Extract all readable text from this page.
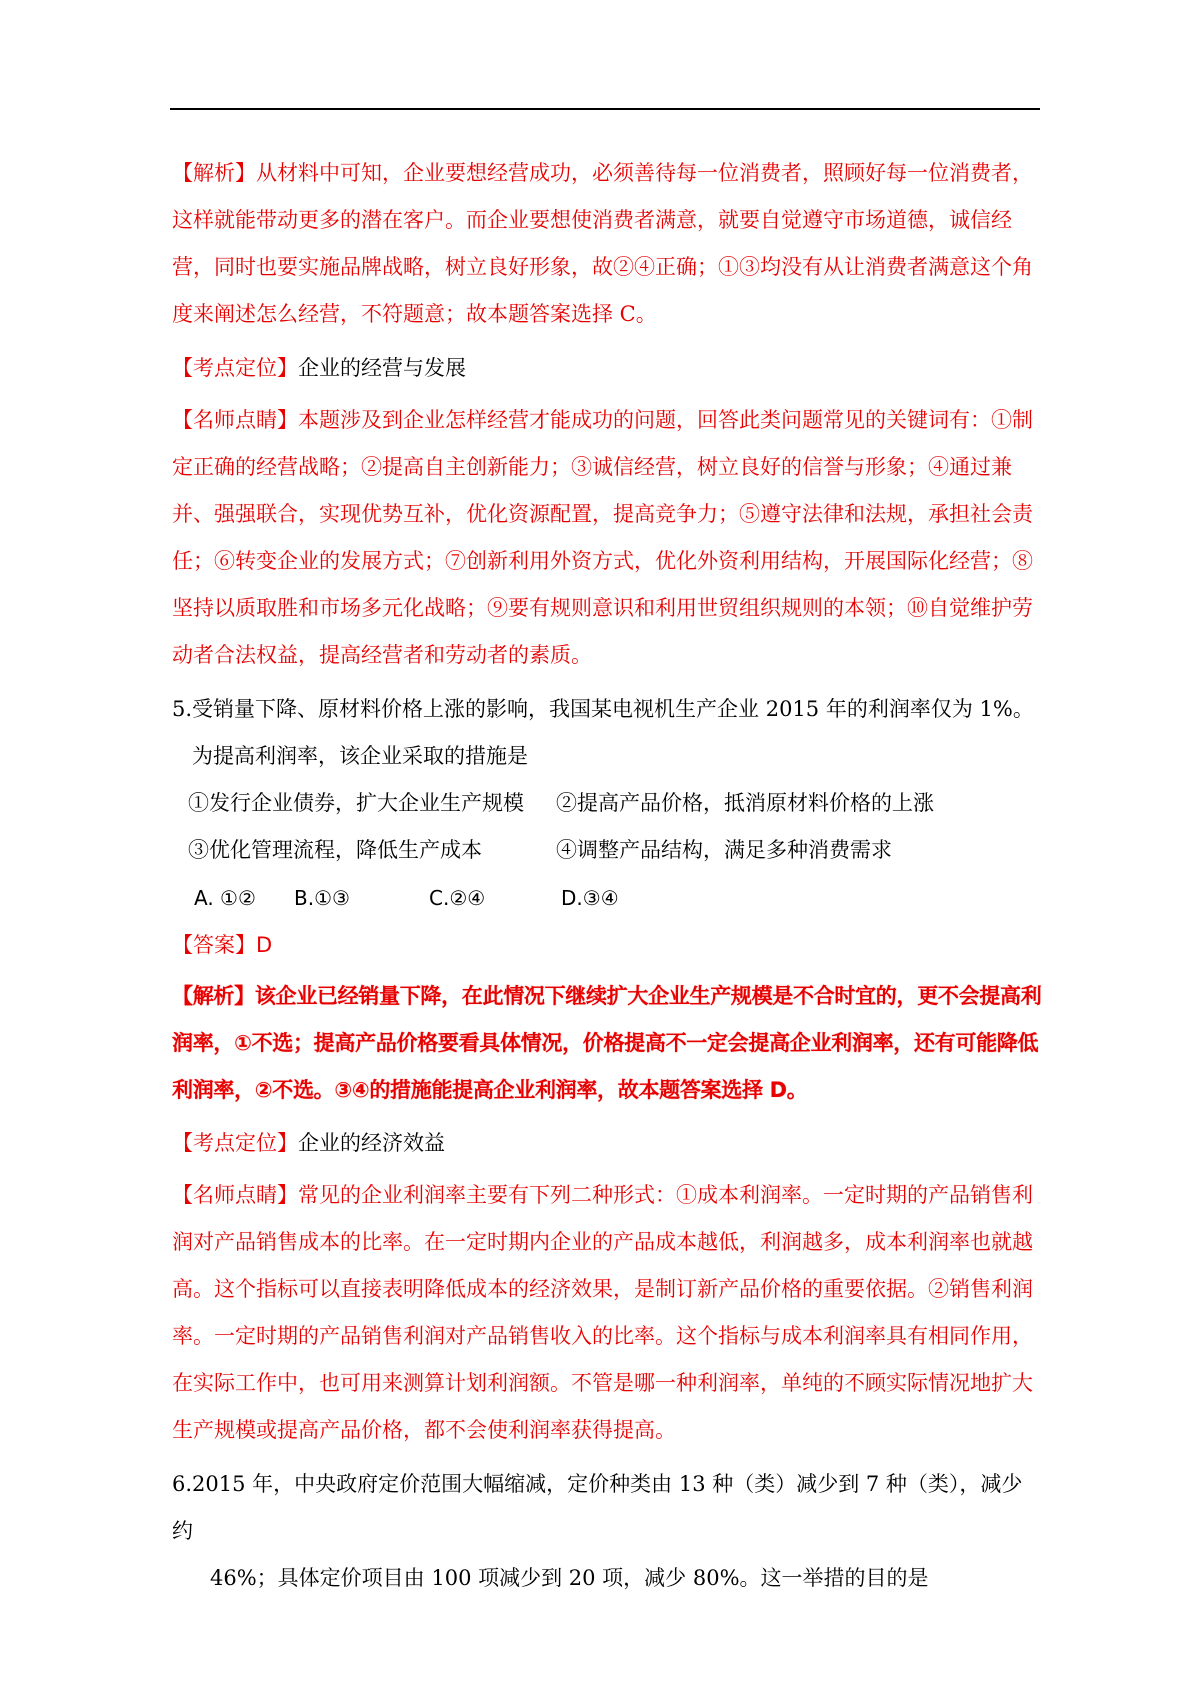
【解析】从材料中可知，企业要想经营成功，必须善待每一位消费者，照顾好每一位消费者，这样就能带动更多的潜在客户。而企业要想使消费者满意，就要自觉遵守市场道德，诚信经营，同时也要实施品牌战略，树立良好形象，故②④正确；①③均没有从让消费者满意这个角度来阐述怎么经营，不符题意；故本题答案选择 C。

【考点定位】企业的经营与发展

【名师点睛】本题涉及到企业怎样经营才能成功的问题，回答此类问题常见的关键词有：①制定正确的经营战略；②提高自主创新能力；③诚信经营，树立良好的信誉与形象；④通过兼并、强强联合，实现优势互补，优化资源配置，提高竞争力；⑤遵守法律和法规，承担社会责任；⑥转变企业的发展方式；⑦创新利用外资方式，优化外资利用结构，开展国际化经营；⑧坚持以质取胜和市场多元化战略；⑨要有规则意识和利用世贸组织规则的本领；⑩自觉维护劳动者合法权益，提高经营者和劳动者的素质。

5.受销量下降、原材料价格上涨的影响，我国某电视机生产企业 2015 年的利润率仅为 1%。

为提高利润率，该企业采取的措施是

①发行企业债券，扩大企业生产规模	②提高产品价格，抵消原材料价格的上涨
③优化管理流程，降低生产成本	④调整产品结构，满足多种消费需求
A. ①②	B.①③	C.②④	D.③④

【答案】D

【解析】该企业已经销量下降，在此情况下继续扩大企业生产规模是不合时宜的，更不会提高利润率，①不选；提高产品价格要看具体情况，价格提高不一定会提高企业利润率，还有可能降低利润率，②不选。③④的措施能提高企业利润率，故本题答案选择 D。

【考点定位】企业的经济效益

【名师点睛】常见的企业利润率主要有下列二种形式：①成本利润率。一定时期的产品销售利润对产品销售成本的比率。在一定时期内企业的产品成本越低，利润越多，成本利润率也就越高。这个指标可以直接表明降低成本的经济效果，是制订新产品价格的重要依据。②销售利润率。一定时期的产品销售利润对产品销售收入的比率。这个指标与成本利润率具有相同作用，在实际工作中，也可用来测算计划利润额。不管是哪一种利润率，单纯的不顾实际情况地扩大生产规模或提高产品价格，都不会使利润率获得提高。

6.2015 年，中央政府定价范围大幅缩减，定价种类由 13 种（类）减少到 7 种（类），减少约

46%；具体定价项目由 100 项减少到 20 项，减少 80%。这一举措的目的是
